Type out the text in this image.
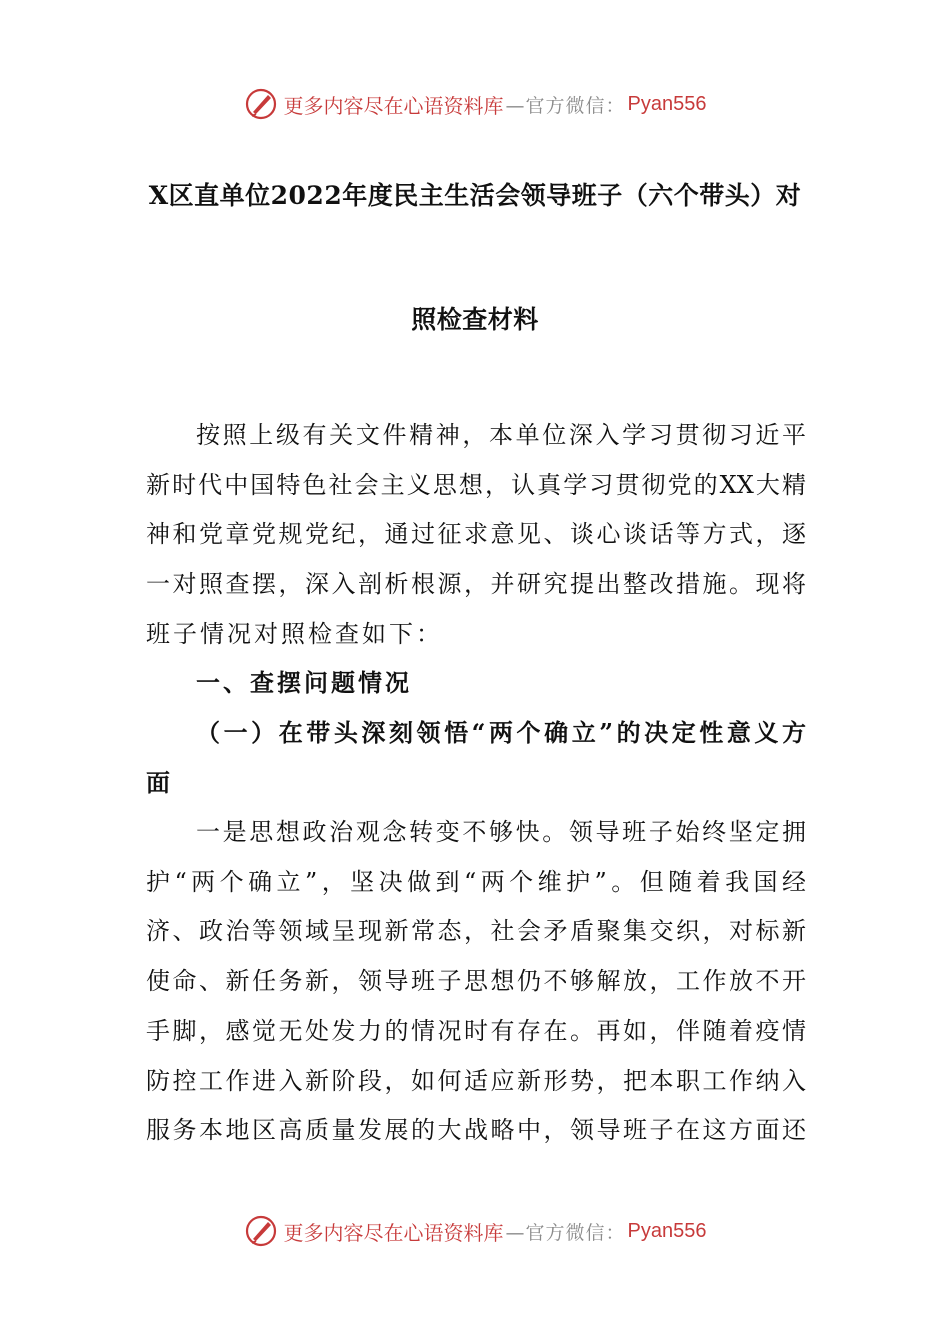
更多内容尽在心语资料库 —官方微信： Pyan556
X区直单位2022年度民主生活会领导班子（六个带头）对
照检查材料
按照上级有关文件精神，本单位深入学习贯彻习近平
新时代中国特色社会主义思想，认真学习贯彻党的XX大精
神和党章党规党纪，通过征求意见、谈心谈话等方式，逐
一对照查摆，深入剖析根源，并研究提出整改措施。现将
班子情况对照检查如下：
一、查摆问题情况
（一）在带头深刻领悟“两个确立”的决定性意义方
面
一是思想政治观念转变不够快。领导班子始终坚定拥
护“两个确立”，坚决做到“两个维护”。但随着我国经
济、政治等领域呈现新常态，社会矛盾聚集交织，对标新
使命、新任务新，领导班子思想仍不够解放，工作放不开
手脚，感觉无处发力的情况时有存在。再如，伴随着疫情
防控工作进入新阶段，如何适应新形势，把本职工作纳入
服务本地区高质量发展的大战略中，领导班子在这方面还
更多内容尽在心语资料库 —官方微信： Pyan556
